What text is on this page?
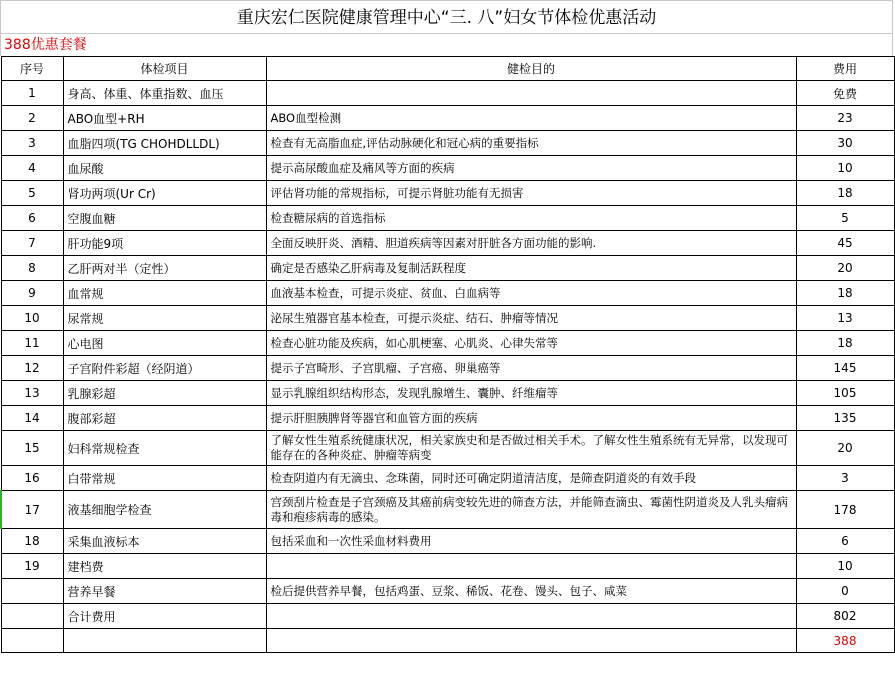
重庆宏仁医院健康管理中心“三. 八”妇女节体检优惠活动
388优惠套餐
序号	体检项目	健检目的	费用
1	身高、体重、体重指数、血压		免费
2	ABO血型+RH	ABO血型检测	23
3	血脂四项(TG CHOHDLLDL)	检查有无高脂血症,评估动脉硬化和冠心病的重要指标	30
4	血尿酸	提示高尿酸血症及痛风等方面的疾病	10
5	肾功两项(Ur Cr)	评估肾功能的常规指标，可提示肾脏功能有无损害	18
6	空腹血糖	检查糖尿病的首选指标	5
7	肝功能9项	全面反映肝炎、酒精、胆道疾病等因素对肝脏各方面功能的影响.	45
8	乙肝两对半（定性）	确定是否感染乙肝病毒及复制活跃程度	20
9	血常规	血液基本检查，可提示炎症、贫血、白血病等	18
10	尿常规	泌尿生殖器官基本检查，可提示炎症、结石、肿瘤等情况	13
11	心电图	检查心脏功能及疾病，如心肌梗塞、心肌炎、心律失常等	18
12	子宫附件彩超（经阴道）	提示子宫畸形、子宫肌瘤、子宫癌、卵巢癌等	145
13	乳腺彩超	显示乳腺组织结构形态，发现乳腺增生、囊肿、纤维瘤等	105
14	腹部彩超	提示肝胆胰脾肾等器官和血管方面的疾病	135
15	妇科常规检查	了解女性生殖系统健康状况，相关家族史和是否做过相关手术。了解女性生殖系统有无异常，以发现可能存在的各种炎症、肿瘤等病变	20
16	白带常规	检查阴道内有无滴虫、念珠菌，同时还可确定阴道清洁度，是筛查阴道炎的有效手段	3
17	液基细胞学检查	宫颈刮片检查是子宫颈癌及其癌前病变较先进的筛查方法，并能筛查滴虫、霉菌性阴道炎及人乳头瘤病毒和疱疹病毒的感染。	178
18	采集血液标本	包括采血和一次性采血材料费用	6
19	建档费		10
	营养早餐	检后提供营养早餐，包括鸡蛋、豆浆、稀饭、花卷、馒头、包子、咸菜	0
	合计费用		802
			388
